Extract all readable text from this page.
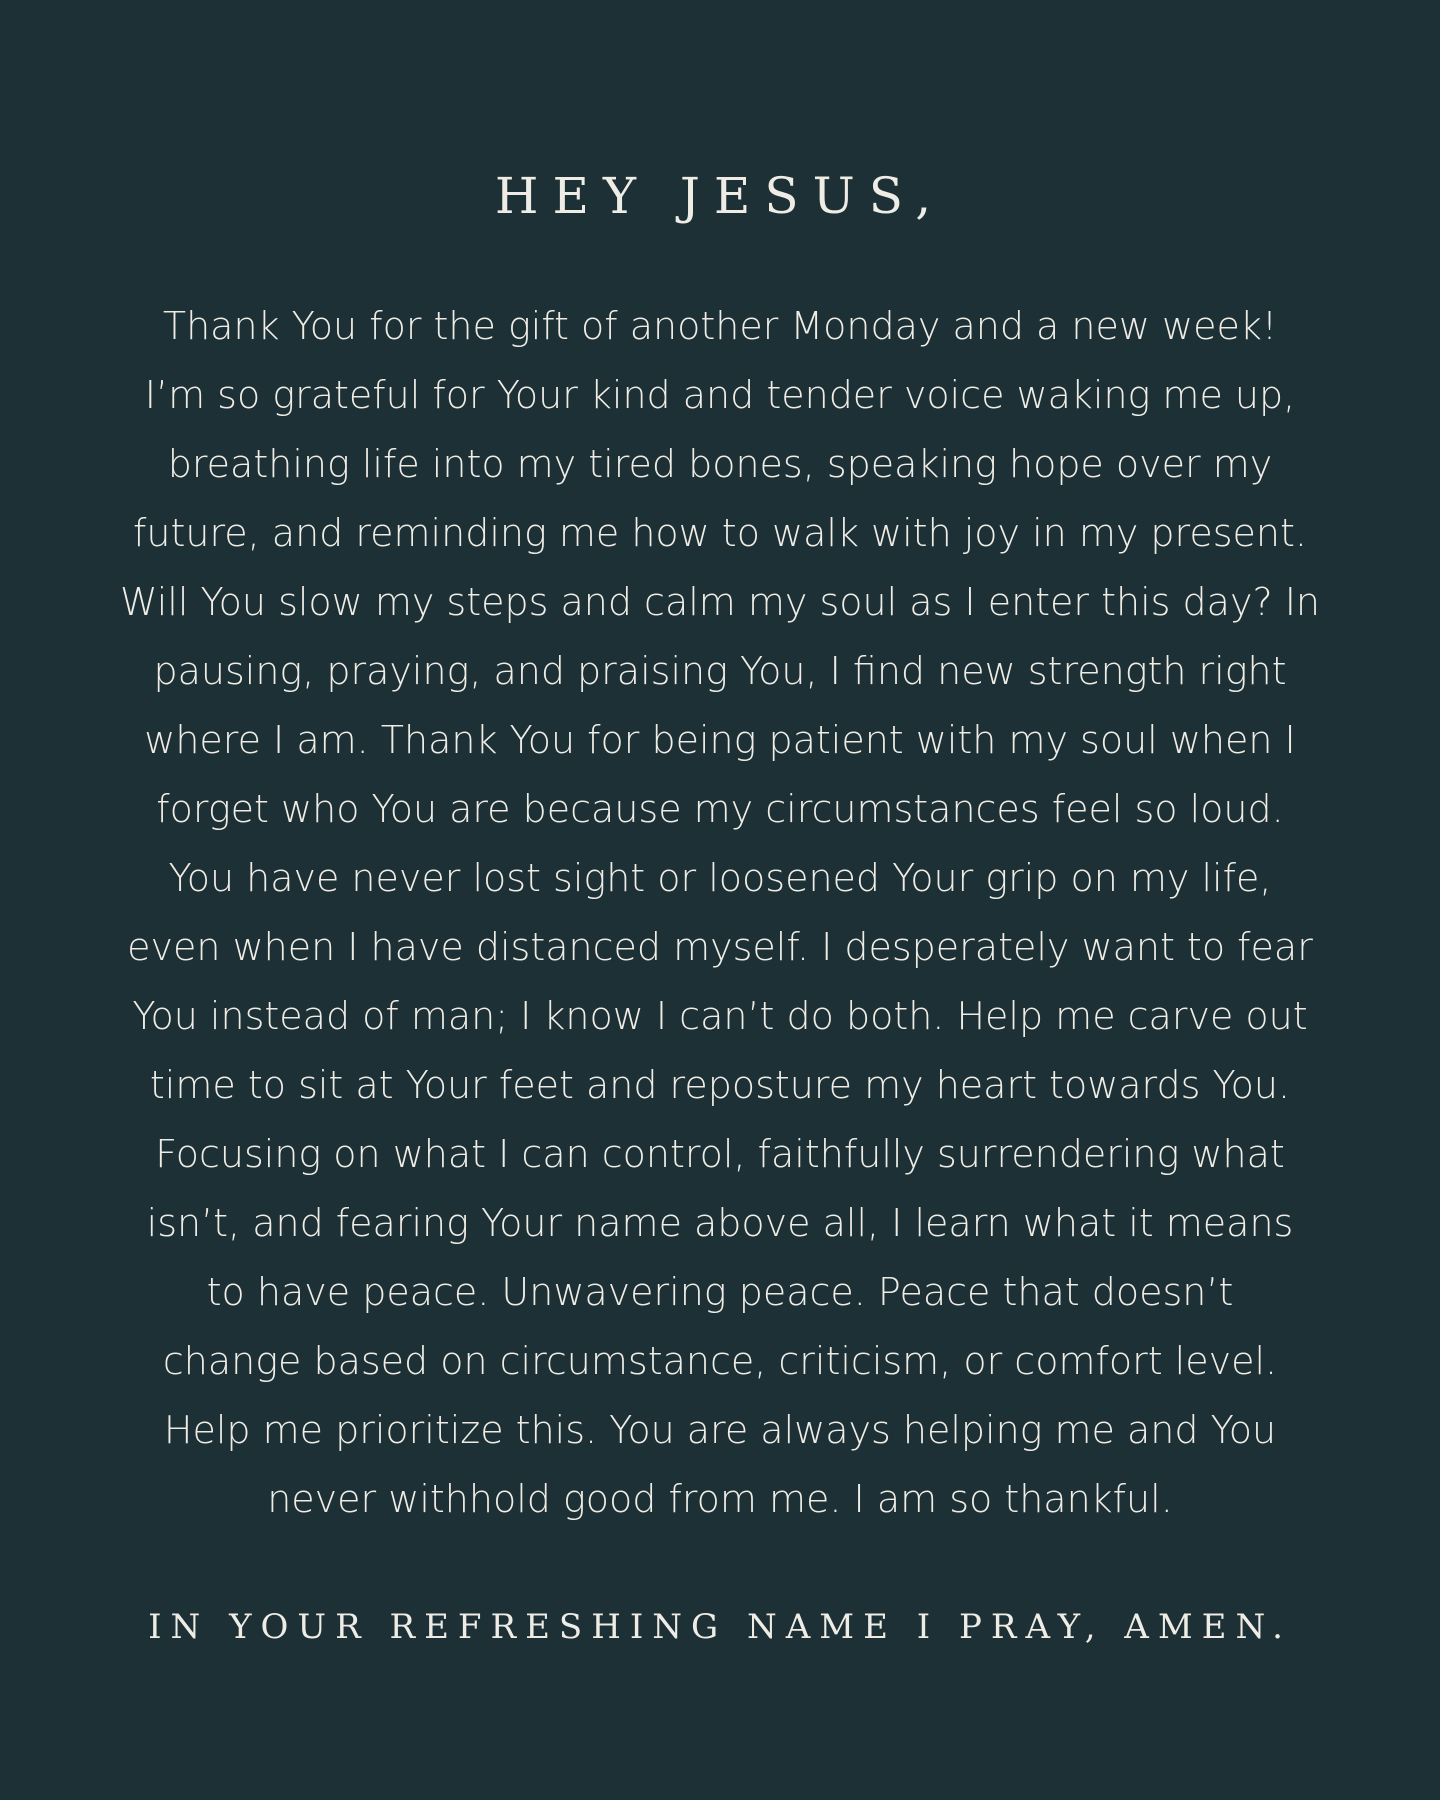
HEY JESUS,
Thank You for the gift of another Monday and a new week!
I’m so grateful for Your kind and tender voice waking me up,
breathing life into my tired bones, speaking hope over my
future, and reminding me how to walk with joy in my present.
Will You slow my steps and calm my soul as I enter this day? In
pausing, praying, and praising You, I find new strength right
where I am. Thank You for being patient with my soul when I
forget who You are because my circumstances feel so loud.
You have never lost sight or loosened Your grip on my life,
even when I have distanced myself. I desperately want to fear
You instead of man; I know I can’t do both. Help me carve out
time to sit at Your feet and reposture my heart towards You.
Focusing on what I can control, faithfully surrendering what
isn’t, and fearing Your name above all, I learn what it means
to have peace. Unwavering peace. Peace that doesn’t
change based on circumstance, criticism, or comfort level.
Help me prioritize this. You are always helping me and You
never withhold good from me. I am so thankful.

IN YOUR REFRESHING NAME I PRAY, AMEN.
